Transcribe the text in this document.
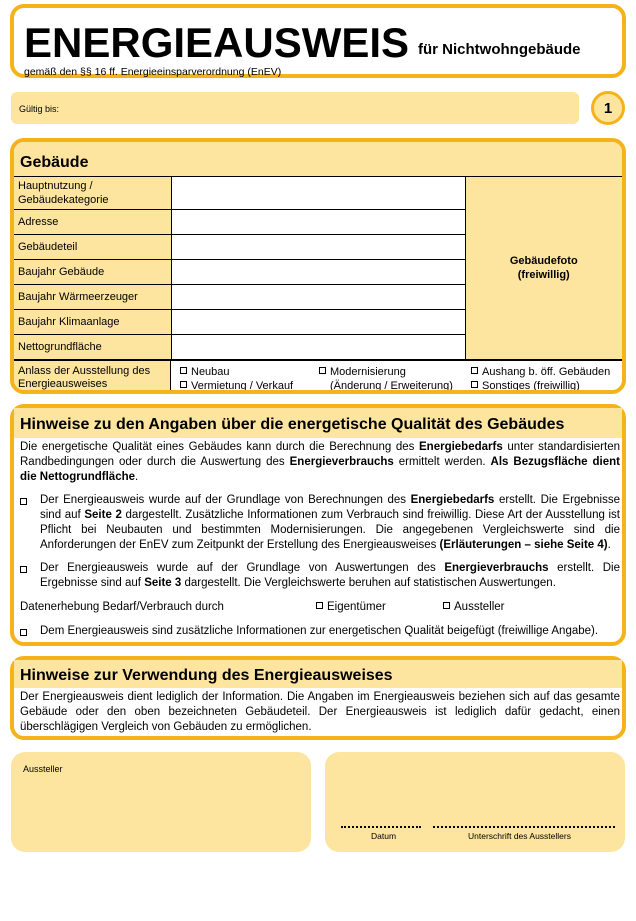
ENERGIEAUSWEIS für Nichtwohngebäude
gemäß den §§ 16 ff. Energieeinsparverordnung (EnEV)
Gültig bis:	1
Gebäude
Hauptnutzung / Gebäudekategorie		Gebäudefoto (freiwillig)

Adresse		
Gebäudeteil		
Baujahr Gebäude		
Baujahr Wärmeerzeuger		
Baujahr Klimaanlage		
Nettogrundfläche		
Anlass der Ausstellung des Energieausweises
Neubau
Vermietung / Verkauf
Modernisierung
(Änderung / Erweiterung)
Aushang b. öff. Gebäuden
Sonstiges (freiwillig)
Hinweise zu den Angaben über die energetische Qualität des Gebäudes
Die energetische Qualität eines Gebäudes kann durch die Berechnung des Energiebedarfs unter standardisierten Randbedingungen oder durch die Auswertung des Energieverbrauchs ermittelt werden. Als Bezugsfläche dient die Nettogrundfläche.
Der Energieausweis wurde auf der Grundlage von Berechnungen des Energiebedarfs erstellt. Die Ergebnisse sind auf Seite 2 dargestellt. Zusätzliche Informationen zum Verbrauch sind freiwillig. Diese Art der Ausstellung ist Pflicht bei Neubauten und bestimmten Modernisierungen. Die angegebenen Vergleichswerte sind die Anforderungen der EnEV zum Zeitpunkt der Erstellung des Energieausweises (Erläuterungen – siehe Seite 4).
Der Energieausweis wurde auf der Grundlage von Auswertungen des Energieverbrauchs erstellt. Die Ergebnisse sind auf Seite 3 dargestellt. Die Vergleichswerte beruhen auf statistischen Auswertungen.
Datenerhebung Bedarf/Verbrauch durch	Eigentümer	Aussteller
Dem Energieausweis sind zusätzliche Informationen zur energetischen Qualität beigefügt (freiwillige Angabe).
Hinweise zur Verwendung des Energieausweises
Der Energieausweis dient lediglich der Information. Die Angaben im Energieausweis beziehen sich auf das gesamte Gebäude oder den oben bezeichneten Gebäudeteil. Der Energieausweis ist lediglich dafür gedacht, einen überschlägigen Vergleich von Gebäuden zu ermöglichen.
Aussteller
Datum	Unterschrift des Ausstellers
